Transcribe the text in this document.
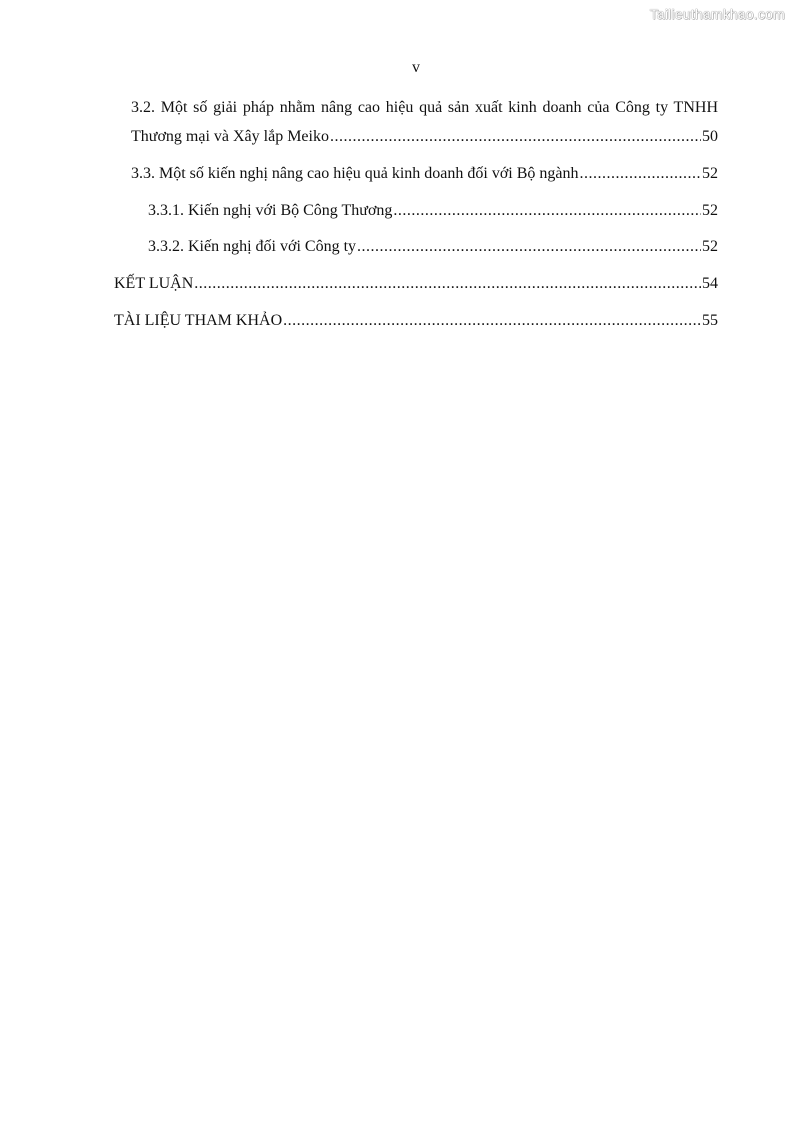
Tailieuthamkhao.com
v
3.2. Một số giải pháp nhằm nâng cao hiệu quả sản xuất kinh doanh của Công ty TNHH
Thương mại và Xây lắp Meiko .....	50
3.3. Một số kiến nghị nâng cao hiệu quả kinh doanh đối với Bộ ngành .....	52
3.3.1. Kiến nghị với Bộ Công Thương .....	52
3.3.2. Kiến nghị đối với Công ty .....	52
KẾT LUẬN .....	54
TÀI LIỆU THAM KHẢO .....	55
